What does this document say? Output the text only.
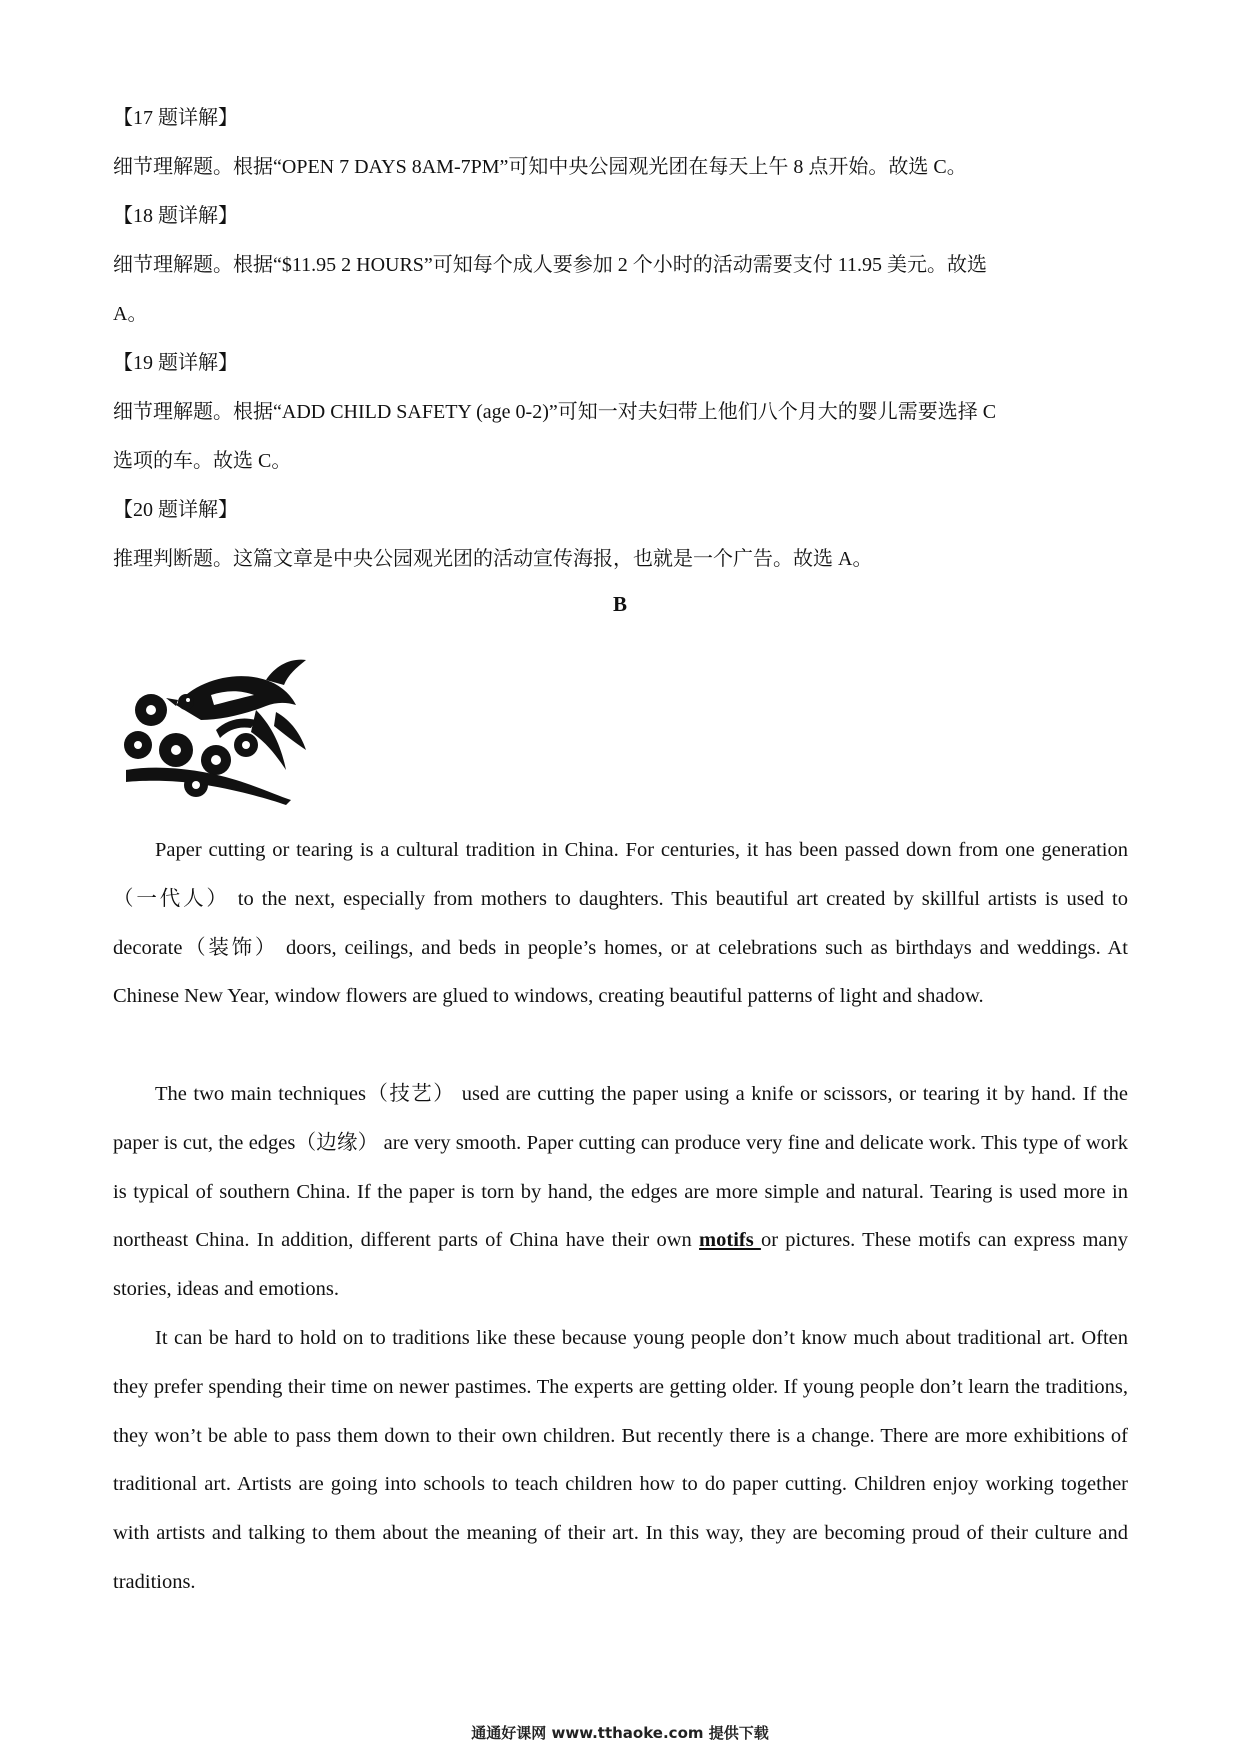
【17 题详解】
细节理解题。根据“OPEN 7 DAYS 8AM-7PM”可知中央公园观光团在每天上午 8 点开始。故选 C。
【18 题详解】
细节理解题。根据“$11.95 2 HOURS”可知每个成人要参加 2 个小时的活动需要支付 11.95 美元。故选
A。
【19 题详解】
细节理解题。根据“ADD CHILD SAFETY (age 0-2)”可知一对夫妇带上他们八个月大的婴儿需要选择 C
选项的车。故选 C。
【20 题详解】
推理判断题。这篇文章是中央公园观光团的活动宣传海报，也就是一个广告。故选 A。
B
Paper cutting or tearing is a cultural tradition in China. For centuries, it has been passed down from one generation（一代人） to the next, especially from mothers to daughters. This beautiful art created by skillful artists is used to decorate（装饰） doors, ceilings, and beds in people’s homes, or at celebrations such as birthdays and weddings. At Chinese New Year, window flowers are glued to windows, creating beautiful patterns of light and shadow.
The two main techniques（技艺） used are cutting the paper using a knife or scissors, or tearing it by hand. If the paper is cut, the edges（边缘） are very smooth. Paper cutting can produce very fine and delicate work. This type of work is typical of southern China. If the paper is torn by hand, the edges are more simple and natural. Tearing is used more in northeast China. In addition, different parts of China have their own motifs or pictures. These motifs can express many stories, ideas and emotions.
It can be hard to hold on to traditions like these because young people don’t know much about traditional art. Often they prefer spending their time on newer pastimes. The experts are getting older. If young people don’t learn the traditions, they won’t be able to pass them down to their own children. But recently there is a change. There are more exhibitions of traditional art. Artists are going into schools to teach children how to do paper cutting. Children enjoy working together with artists and talking to them about the meaning of their art. In this way, they are becoming proud of their culture and traditions.
通通好课网 www.tthaoke.com 提供下载
